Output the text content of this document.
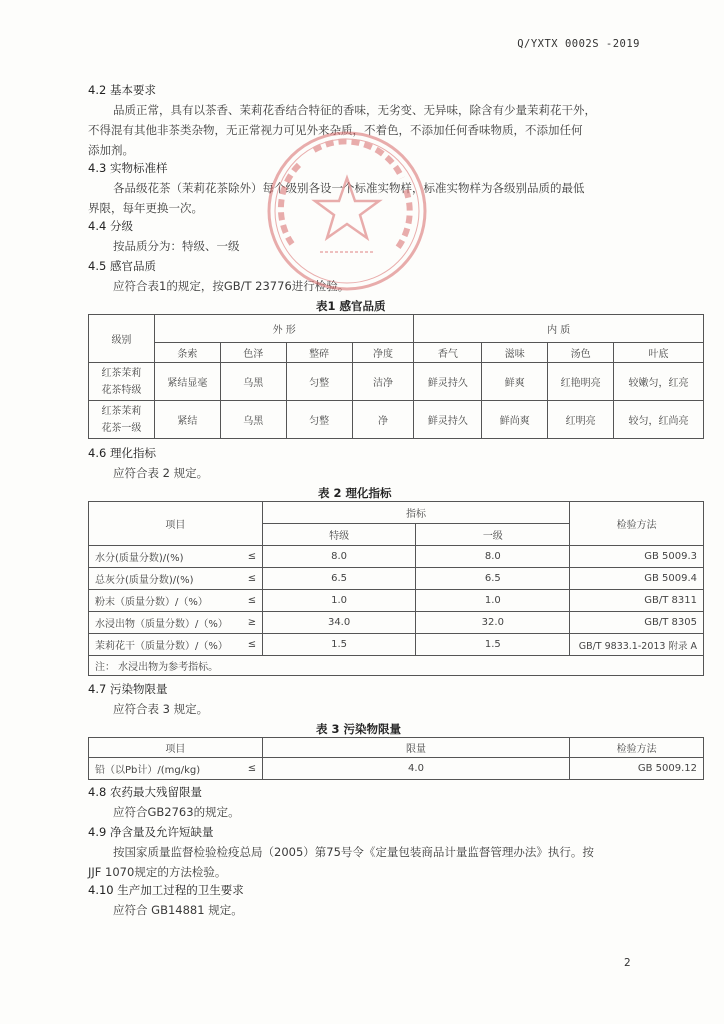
Q/YXTX 0002S -2019
4.2 基本要求
品质正常，具有以茶香、茉莉花香结合特征的香味，无劣变、无异味，除含有少量茉莉花干外，
不得混有其他非茶类杂物，无正常视力可见外来杂质，不着色，不添加任何香味物质，不添加任何
添加剂。
4.3 实物标准样
各品级花茶（茉莉花茶除外）每个级别各设一个标准实物样，标准实物样为各级别品质的最低
界限，每年更换一次。
4.4 分级
按品质分为：特级、一级
4.5 感官品质
应符合表1的规定，按GB/T 23776进行检验。
表1 感官品质
级别	外 形				内 质			
	条索	色泽	整碎	净度	香气	滋味	汤色	叶底

红茶茉莉
花茶特级	紧结显毫	乌黑	匀整	洁净	鲜灵持久	鲜爽	红艳明亮	较嫩匀，红亮

红茶茉莉
花茶一级	紧结	乌黑	匀整	净	鲜灵持久	鲜尚爽	红明亮	较匀，红尚亮
4.6 理化指标
应符合表 2 规定。
表 2 理化指标
项目	指标		检验方法
	特级	一级	

水分(质量分数)/(%) ≤	8.0	8.0	GB 5009.3

总灰分(质量分数)/(%) ≤	6.5	6.5	GB 5009.4

粉末（质量分数）/（%） ≤	1.0	1.0	GB/T 8311

水浸出物（质量分数）/（%） ≥	34.0	32.0	GB/T 8305

茉莉花干（质量分数）/（%） ≤	1.5	1.5	GB/T 9833.1-2013 附录 A
注： 水浸出物为参考指标。			
4.7 污染物限量
应符合表 3 规定。
表 3 污染物限量
项目	限量	检验方法

铅（以Pb计）/(mg/kg) ≤	4.0	GB 5009.12
4.8 农药最大残留限量
应符合GB2763的规定。
4.9 净含量及允许短缺量
按国家质量监督检验检疫总局（2005）第75号令《定量包装商品计量监督管理办法》执行。按
JJF 1070规定的方法检验。
4.10 生产加工过程的卫生要求
应符合 GB14881 规定。
2
